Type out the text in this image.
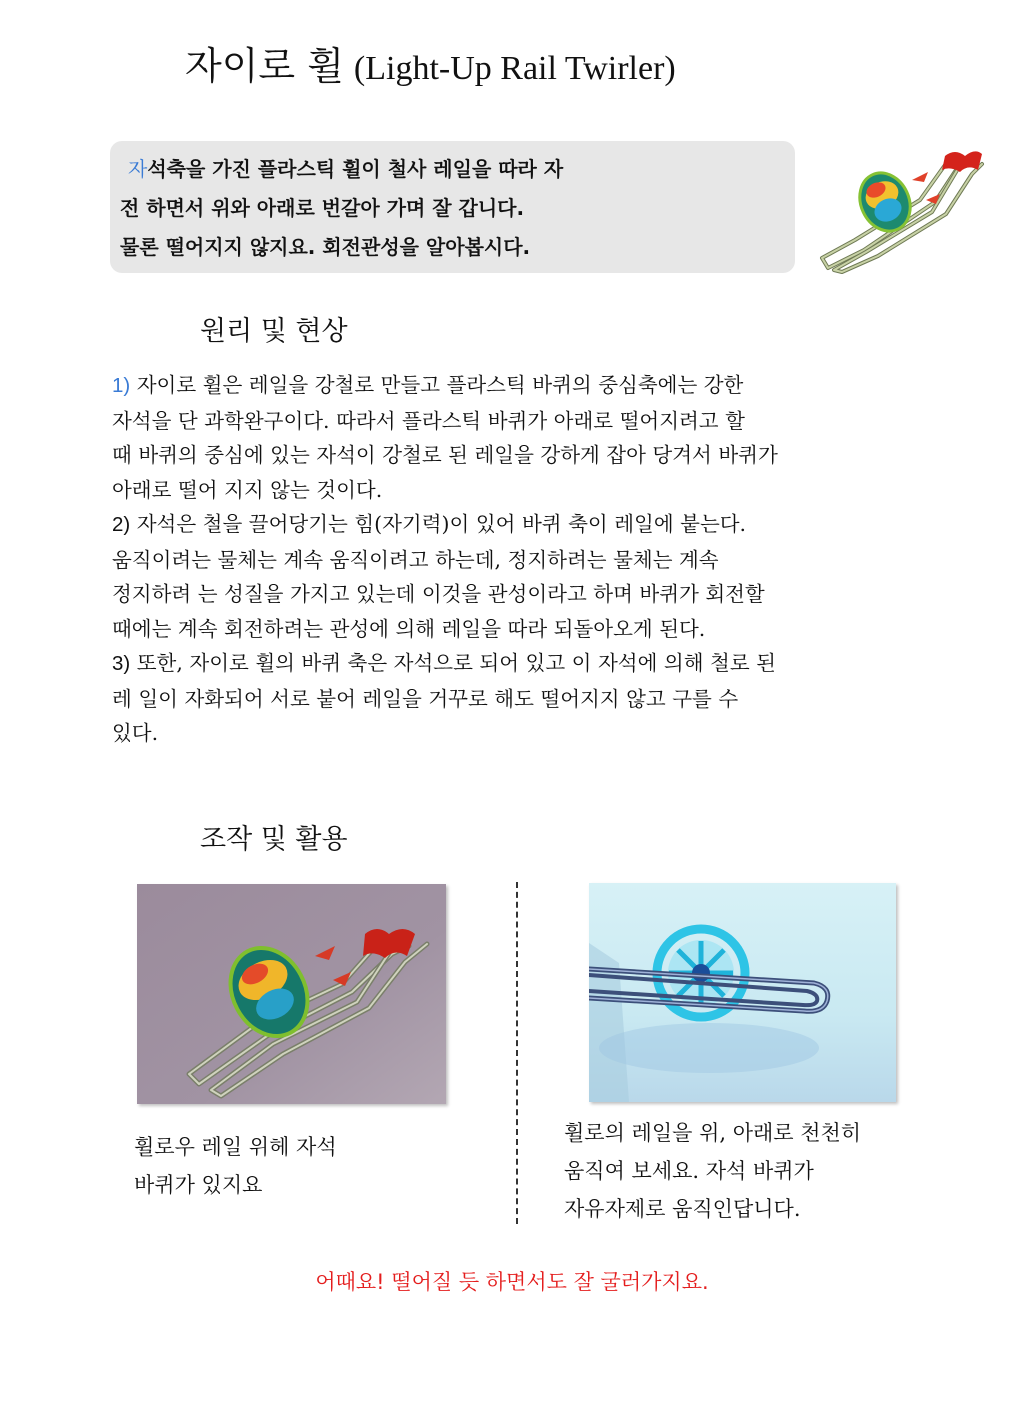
자이로 휠 (Light-Up Rail Twirler)
자석축을 가진 플라스틱 휠이 철사 레일을 따라 자
전 하면서 위와 아래로 번갈아 가며 잘 갑니다.
물론 떨어지지 않지요. 회전관성을 알아봅시다.
원리 및 현상

1) 자이로 휠은 레일을 강철로 만들고 플라스틱 바퀴의 중심축에는 강한

자석을 단 과학완구이다. 따라서 플라스틱 바퀴가 아래로 떨어지려고 할

때 바퀴의 중심에 있는 자석이 강철로 된 레일을 강하게 잡아 당겨서 바퀴가

아래로 떨어 지지 않는 것이다.

2) 자석은 철을 끌어당기는 힘(자기력)이 있어 바퀴 축이 레일에 붙는다.

움직이려는 물체는 계속 움직이려고 하는데, 정지하려는 물체는 계속

정지하려 는 성질을 가지고 있는데 이것을 관성이라고 하며 바퀴가 회전할

때에는 계속 회전하려는 관성에 의해 레일을 따라 되돌아오게 된다.

3) 또한, 자이로 휠의 바퀴 축은 자석으로 되어 있고 이 자석에 의해 철로 된

레 일이 자화되어 서로 붙어 레일을 거꾸로 해도 떨어지지 않고 구를 수

있다.

조작 및 활용
휠로우 레일 위헤 자석
바퀴가 있지요
휠로의 레일을 위, 아래로 천천히
움직여 보세요. 자석 바퀴가
자유자제로 움직인답니다.
어때요! 떨어질 듯 하면서도 잘 굴러가지요.
